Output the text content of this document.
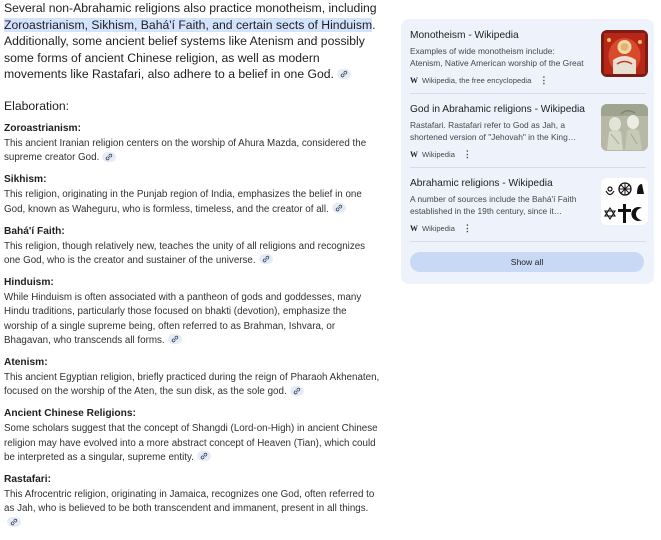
Several non-Abrahamic religions also practice monotheism, including Zoroastrianism, Sikhism, Bahá'í Faith, and certain sects of Hinduism. Additionally, some ancient belief systems like Atenism and possibly some forms of ancient Chinese religion, as well as modern movements like Rastafari, also adhere to a belief in one God.

Elaboration:
Zoroastrianism:

This ancient Iranian religion centers on the worship of Ahura Mazda, considered the supreme creator God.

Sikhism:

This religion, originating in the Punjab region of India, emphasizes the belief in one God, known as Waheguru, who is formless, timeless, and the creator of all.

Bahá'í Faith:

This religion, though relatively new, teaches the unity of all religions and recognizes one God, who is the creator and sustainer of the universe.

Hinduism:

While Hinduism is often associated with a pantheon of gods and goddesses, many Hindu traditions, particularly those focused on bhakti (devotion), emphasize the worship of a single supreme being, often referred to as Brahman, Ishvara, or Bhagavan, who transcends all forms.

Atenism:

This ancient Egyptian religion, briefly practiced during the reign of Pharaoh Akhenaten, focused on the worship of the Aten, the sun disk, as the sole god.

Ancient Chinese Religions:

Some scholars suggest that the concept of Shangdi (Lord-on-High) in ancient Chinese religion may have evolved into a more abstract concept of Heaven (Tian), which could be interpreted as a singular, supreme entity.

Rastafari:

This Afrocentric religion, originating in Jamaica, recognizes one God, often referred to as Jah, who is believed to be both transcendent and immanent, present in all things.

Monotheism - Wikipedia

Examples of wide monotheism include: Atenism, Native American worship of the Great

W Wikipedia, the free encyclopedia ⋮

God in Abrahamic religions - Wikipedia

Rastafari. Rastafari refer to God as Jah, a shortened version of "Jehovah" in the King…

W Wikipedia ⋮

Abrahamic religions - Wikipedia

A number of sources include the Bahá'í Faith established in the 19th century, since it…

W Wikipedia ⋮
Show all
